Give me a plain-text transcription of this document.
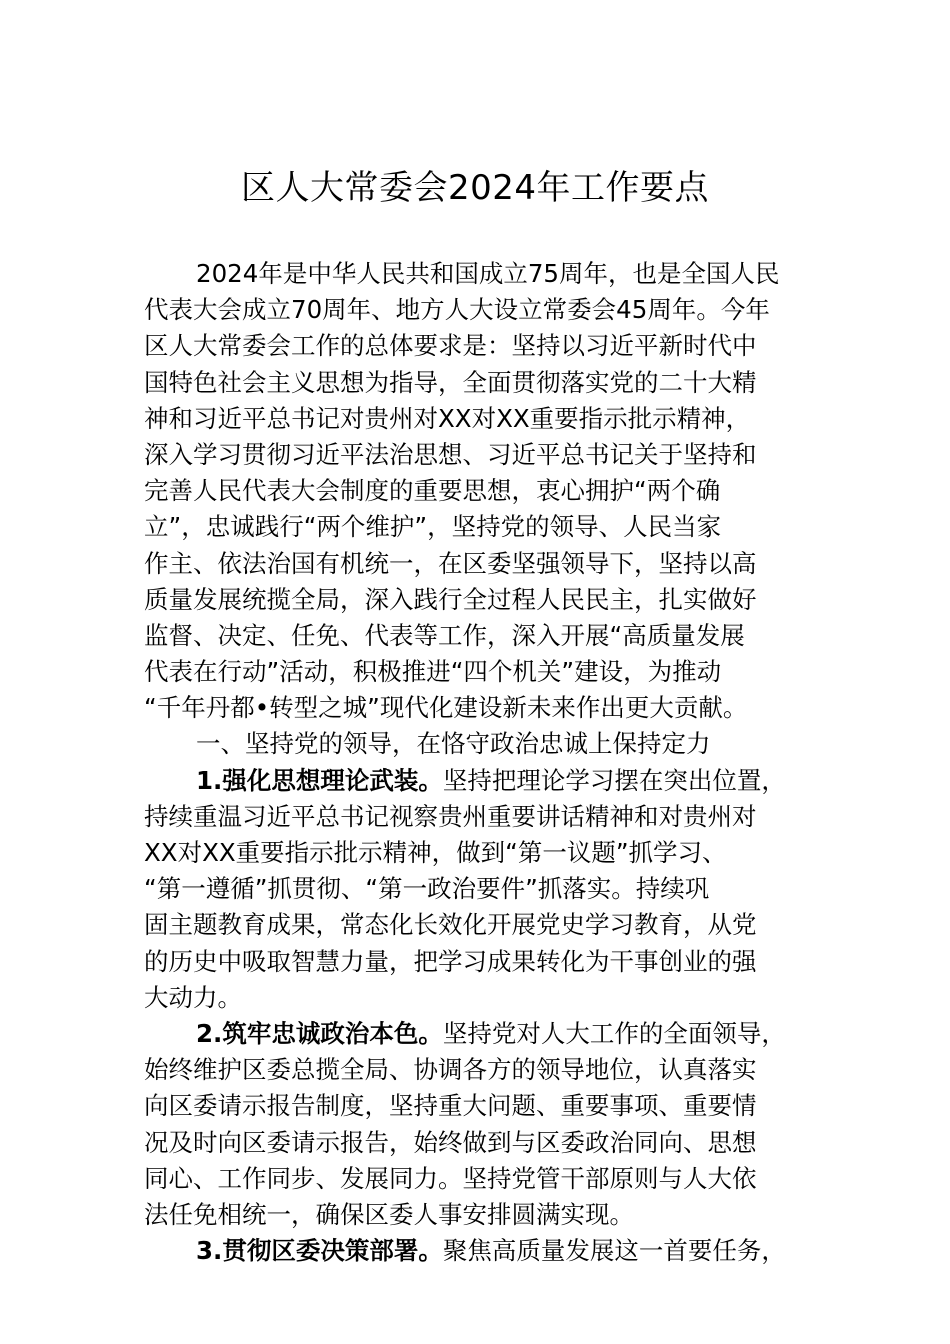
区人大常委会2024年工作要点
2024年是中华人民共和国成立75周年，也是全国人民
代表大会成立70周年、地方人大设立常委会45周年。今年
区人大常委会工作的总体要求是：坚持以习近平新时代中
国特色社会主义思想为指导，全面贯彻落实党的二十大精
神和习近平总书记对贵州对XX对XX重要指示批示精神，
深入学习贯彻习近平法治思想、习近平总书记关于坚持和
完善人民代表大会制度的重要思想，衷心拥护“两个确
立”，忠诚践行“两个维护”，坚持党的领导、人民当家
作主、依法治国有机统一，在区委坚强领导下，坚持以高
质量发展统揽全局，深入践行全过程人民民主，扎实做好
监督、决定、任免、代表等工作，深入开展“高质量发展
代表在行动”活动，积极推进“四个机关”建设，为推动
“千年丹都•转型之城”现代化建设新未来作出更大贡献。
一、坚持党的领导，在恪守政治忠诚上保持定力
1.强化思想理论武装。坚持把理论学习摆在突出位置，
持续重温习近平总书记视察贵州重要讲话精神和对贵州对
XX对XX重要指示批示精神，做到“第一议题”抓学习、
“第一遵循”抓贯彻、“第一政治要件”抓落实。持续巩
固主题教育成果，常态化长效化开展党史学习教育，从党
的历史中吸取智慧力量，把学习成果转化为干事创业的强
大动力。
2.筑牢忠诚政治本色。坚持党对人大工作的全面领导，
始终维护区委总揽全局、协调各方的领导地位，认真落实
向区委请示报告制度，坚持重大问题、重要事项、重要情
况及时向区委请示报告，始终做到与区委政治同向、思想
同心、工作同步、发展同力。坚持党管干部原则与人大依
法任免相统一，确保区委人事安排圆满实现。
3.贯彻区委决策部署。聚焦高质量发展这一首要任务，
